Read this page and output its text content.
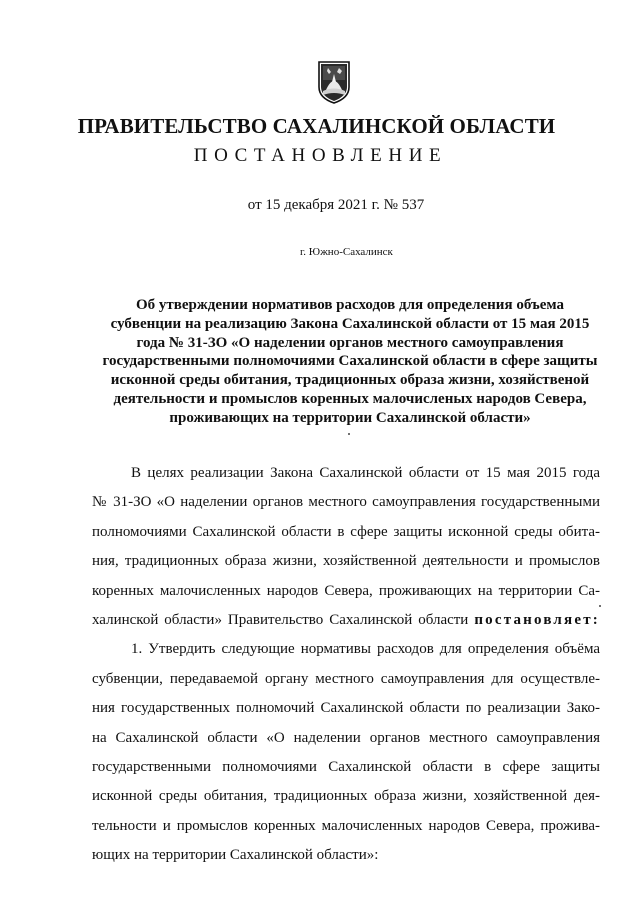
ПРАВИТЕЛЬСТВО САХАЛИНСКОЙ ОБЛАСТИ
ПОСТАНОВЛЕНИЕ
от 15 декабря 2021 г. № 537
г. Южно-Сахалинск
Об утверждении нормативов расходов для определения объема
субвенции на реализацию Закона Сахалинской области от 15 мая 2015
года № 31-ЗО «О наделении органов местного самоуправления
государственными полномочиями Сахалинской области в сфере защиты
исконной среды обитания, традиционных образа жизни, хозяйственой
деятельности и промыслов коренных малочисленых народов Севера,
проживающих на территории Сахалинской области»
В целях реализации Закона Сахалинской области от 15 мая 2015 года
№ 31-ЗО «О наделении органов местного самоуправления государственными
полномочиями Сахалинской области в сфере защиты исконной среды обита-
ния, традиционных образа жизни, хозяйственной деятельности и промыслов
коренных малочисленных народов Севера, проживающих на территории Са-
халинской области» Правительство Сахалинской области постановляет:
1. Утвердить следующие нормативы расходов для определения объёма
субвенции, передаваемой органу местного самоуправления для осуществле-
ния государственных полномочий Сахалинской области по реализации Зако-
на Сахалинской области «О наделении органов местного самоуправления
государственными полномочиями Сахалинской области в сфере защиты
исконной среды обитания, традиционных образа жизни, хозяйственной дея-
тельности и промыслов коренных малочисленных народов Севера, прожива-
ющих на территории Сахалинской области»:
